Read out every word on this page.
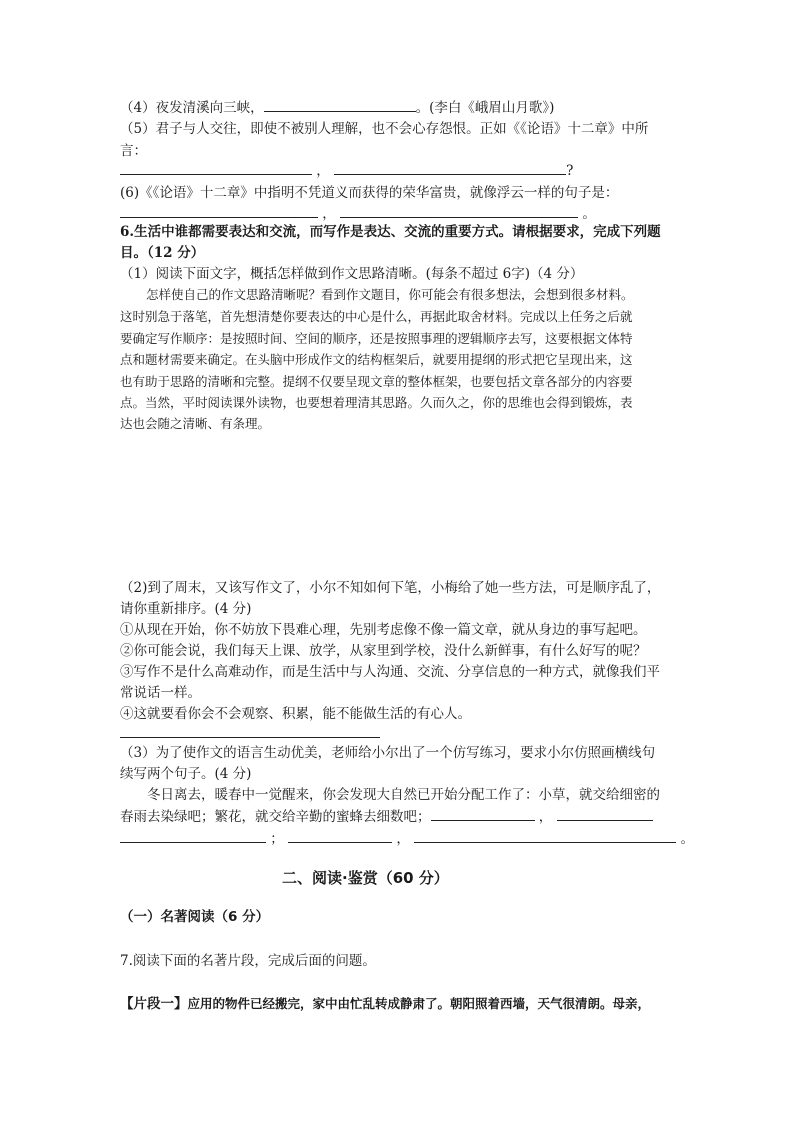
（4）夜发清溪向三峡，	。(李白《峨眉山月歌》)
（5）君子与人交往，即使不被别人理解，也不会心存怨恨。正如《《论语》十二章》中所
言：
，	?
(6)《《论语》十二章》中指明不凭道义而获得的荣华富贵，就像浮云一样的句子是：
，	。
6.生活中谁都需要表达和交流，而写作是表达、交流的重要方式。请根据要求，完成下列题
目。（12 分）
（1）阅读下面文字，概括怎样做到作文思路清晰。(每条不超过 6字)（4 分）
怎样使自己的作文思路清晰呢？看到作文题目，你可能会有很多想法，会想到很多材料。
这时别急于落笔，首先想清楚你要表达的中心是什么，再据此取舍材料。完成以上任务之后就
要确定写作顺序：是按照时间、空间的顺序，还是按照事理的逻辑顺序去写，这要根据文体特
点和题材需要来确定。在头脑中形成作文的结构框架后，就要用提纲的形式把它呈现出来，这
也有助于思路的清晰和完整。提纲不仅要呈现文章的整体框架，也要包括文章各部分的内容要
点。当然，平时阅读课外读物，也要想着理清其思路。久而久之，你的思维也会得到锻炼，表
达也会随之清晰、有条理。
（2)到了周末，又该写作文了，小尔不知如何下笔，小梅给了她一些方法，可是顺序乱了，
请你重新排序。(4 分)
①从现在开始，你不妨放下畏难心理，先别考虑像不像一篇文章，就从身边的事写起吧。
②你可能会说，我们每天上课、放学，从家里到学校，没什么新鲜事，有什么好写的呢？
③写作不是什么高难动作，而是生活中与人沟通、交流、分享信息的一种方式，就像我们平
常说话一样。
④这就要看你会不会观察、积累，能不能做生活的有心人。
（3）为了使作文的语言生动优美，老师给小尔出了一个仿写练习，要求小尔仿照画横线句
续写两个句子。(4 分)
冬日离去，暖春中一觉醒来，你会发现大自然已开始分配工作了：小草，就交给细密的
春雨去染绿吧；繁花，就交给辛勤的蜜蜂去细数吧；	，
；	，	。
二、阅读·鉴赏（60 分）
（一）名著阅读（6 分）
7.阅读下面的名著片段，完成后面的问题。
【片段一】应用的物件已经搬完，家中由忙乱转成静肃了。朝阳照着西墙，天气很清朗。母亲，
